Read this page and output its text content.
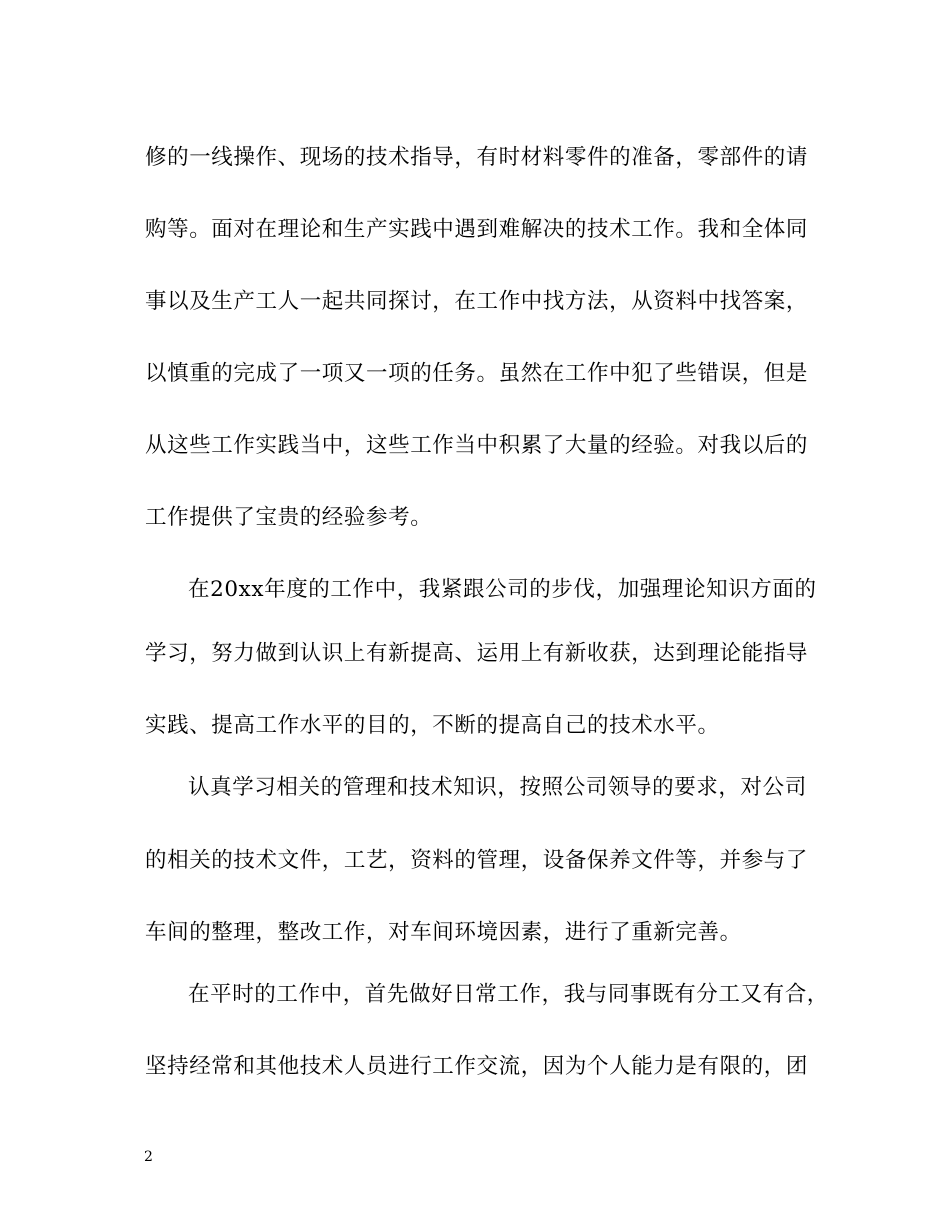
修的一线操作、现场的技术指导，有时材料零件的准备，零部件的请
购等。面对在理论和生产实践中遇到难解决的技术工作。我和全体同
事以及生产工人一起共同探讨，在工作中找方法，从资料中找答案，
以慎重的完成了一项又一项的任务。虽然在工作中犯了些错误，但是
从这些工作实践当中，这些工作当中积累了大量的经验。对我以后的
工作提供了宝贵的经验参考。
在20xx年度的工作中，我紧跟公司的步伐，加强理论知识方面的
学习，努力做到认识上有新提高、运用上有新收获，达到理论能指导
实践、提高工作水平的目的，不断的提高自己的技术水平。
认真学习相关的管理和技术知识，按照公司领导的要求，对公司
的相关的技术文件，工艺，资料的管理，设备保养文件等，并参与了
车间的整理，整改工作，对车间环境因素，进行了重新完善。
在平时的工作中，首先做好日常工作，我与同事既有分工又有合，
坚持经常和其他技术人员进行工作交流，因为个人能力是有限的，团
2
